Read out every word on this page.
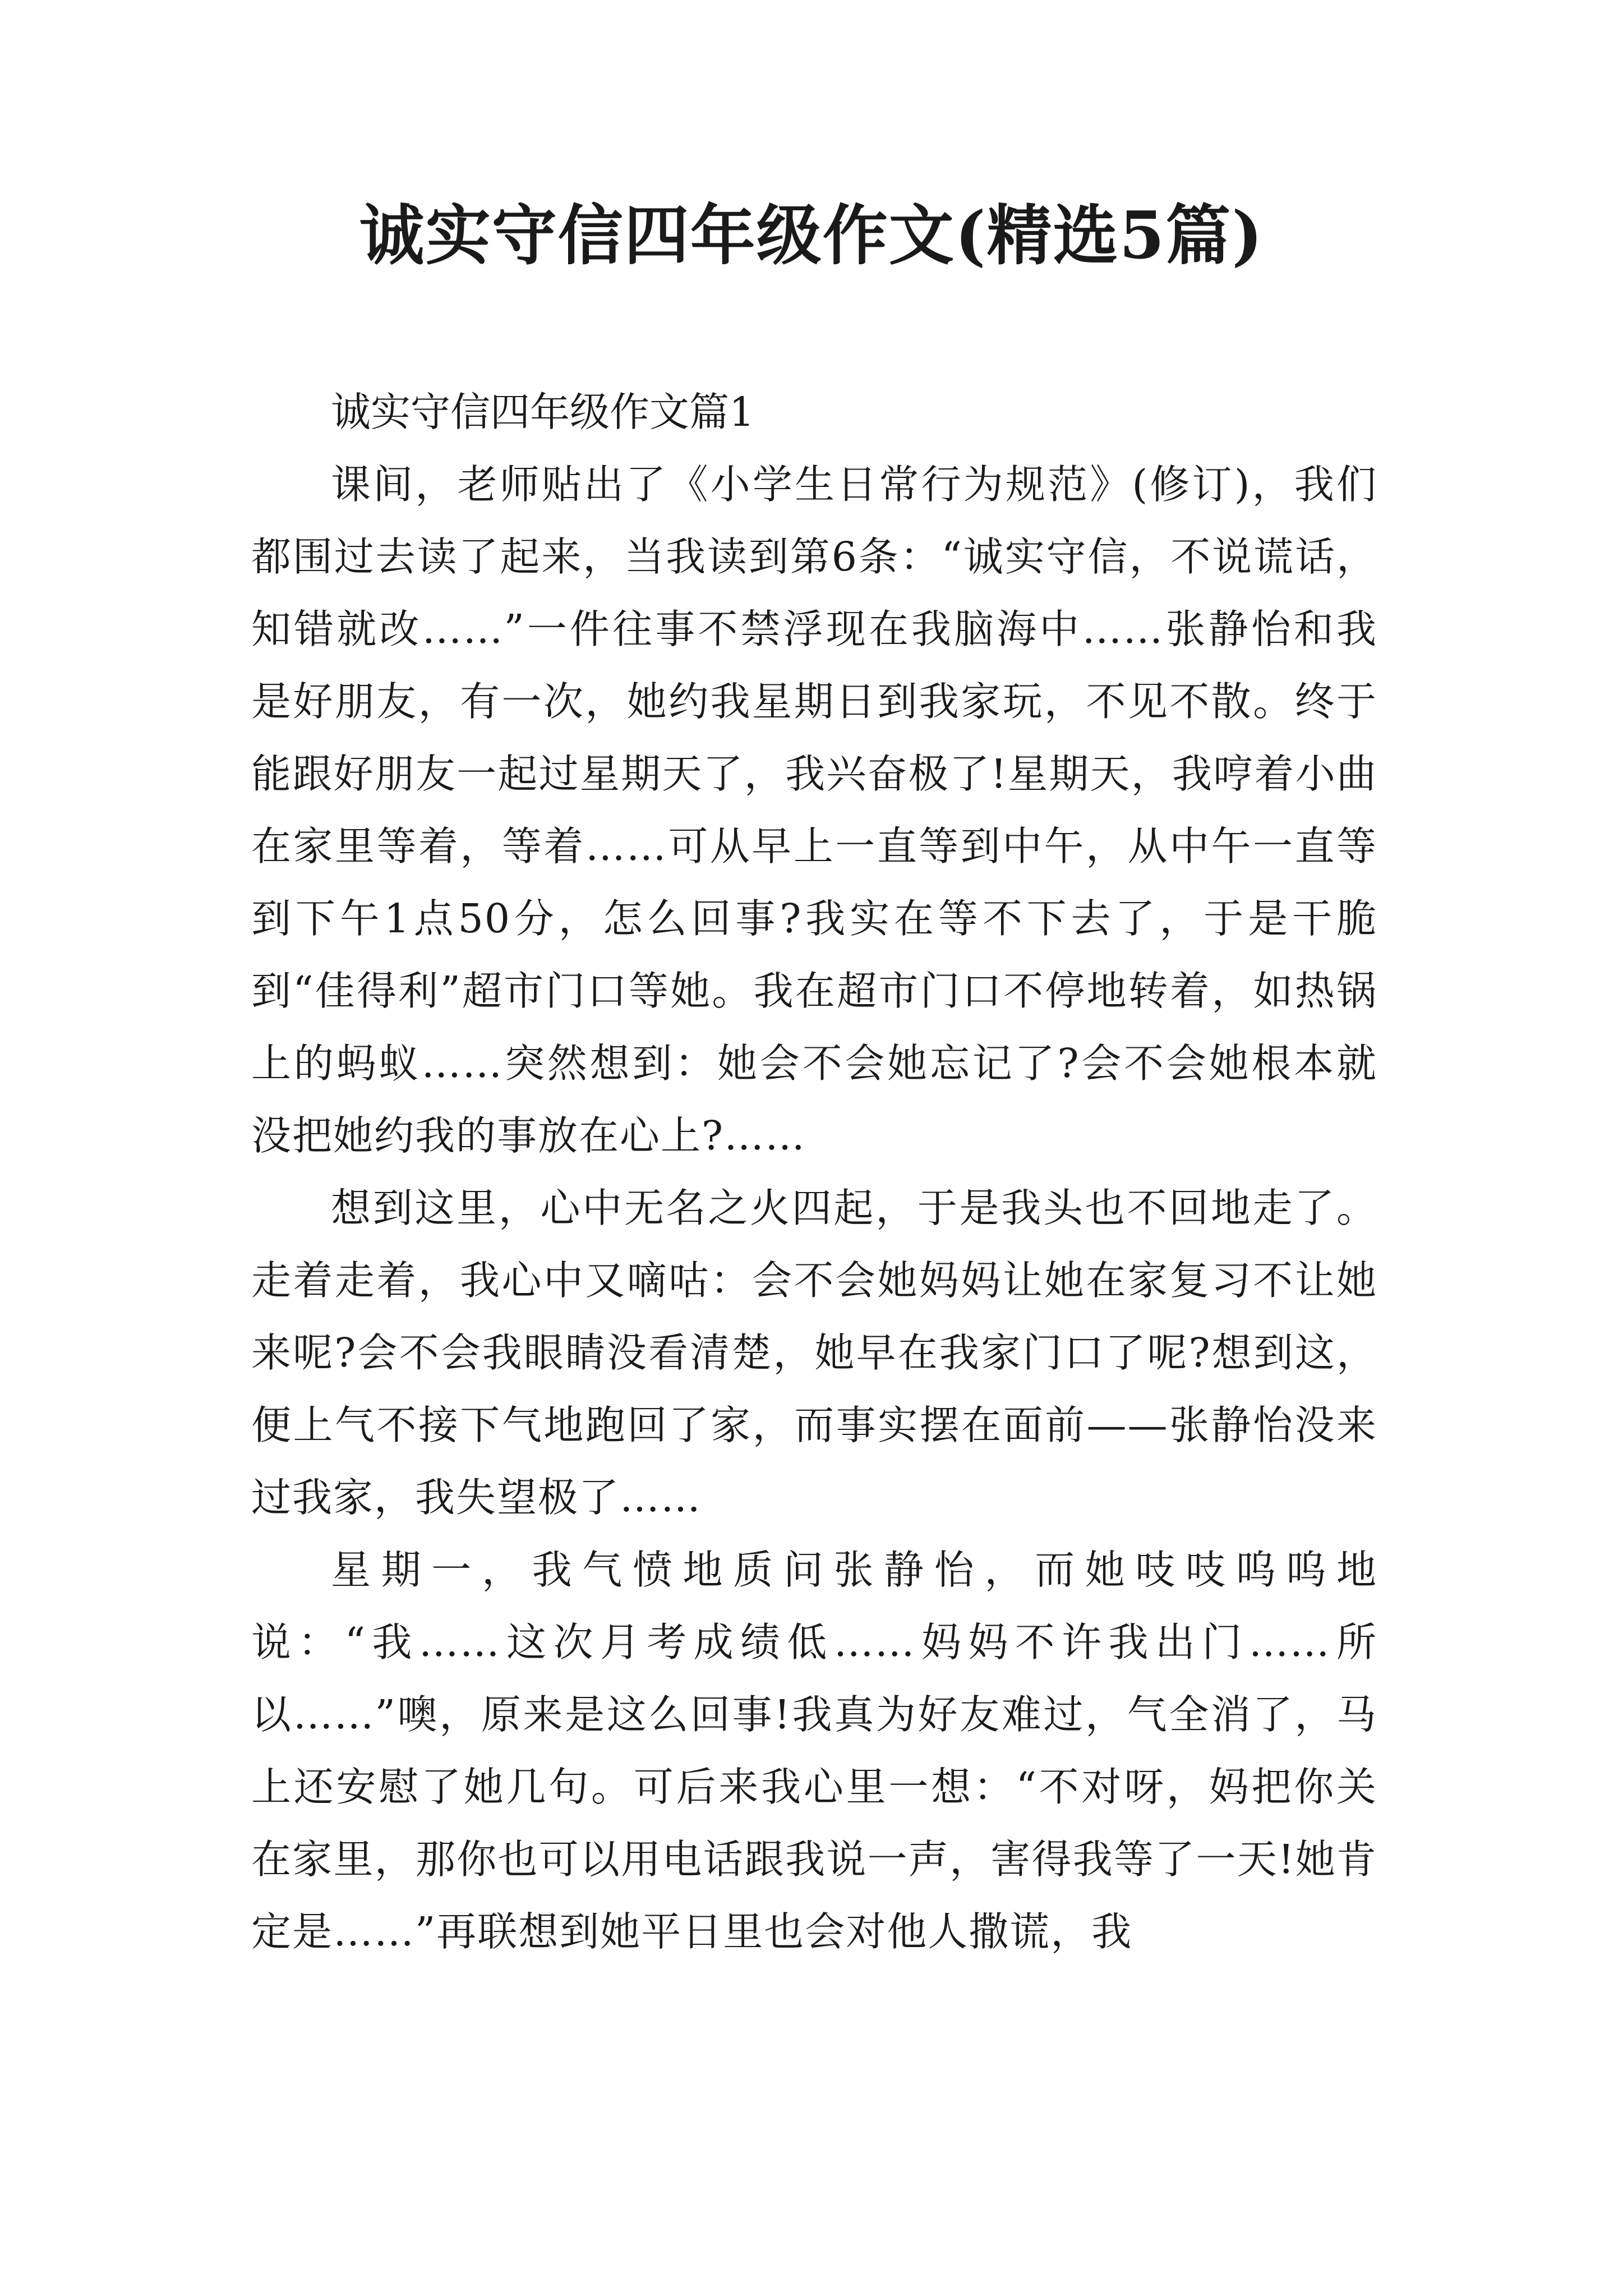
诚实守信四年级作文(精选5篇)
诚实守信四年级作文篇1

课间，老师贴出了《小学生日常行为规范》(修订)，我们都围过去读了起来，当我读到第6条：“诚实守信，不说谎话，知错就改……”一件往事不禁浮现在我脑海中……张静怡和我是好朋友，有一次，她约我星期日到我家玩，不见不散。终于能跟好朋友一起过星期天了，我兴奋极了!星期天，我哼着小曲在家里等着，等着……可从早上一直等到中午，从中午一直等到下午1点50分，怎么回事?我实在等不下去了，于是干脆到“佳得利”超市门口等她。我在超市门口不停地转着，如热锅上的蚂蚁……突然想到：她会不会她忘记了?会不会她根本就没把她约我的事放在心上?……

想到这里，心中无名之火四起，于是我头也不回地走了。走着走着，我心中又嘀咕：会不会她妈妈让她在家复习不让她来呢?会不会我眼睛没看清楚，她早在我家门口了呢?想到这，便上气不接下气地跑回了家，而事实摆在面前——张静怡没来过我家，我失望极了……

星期一，我气愤地质问张静怡，而她吱吱呜呜地说：“我……这次月考成绩低……妈妈不许我出门……所以……”噢，原来是这么回事!我真为好友难过，气全消了，马上还安慰了她几句。可后来我心里一想：“不对呀，妈把你关在家里，那你也可以用电话跟我说一声，害得我等了一天!她肯定是……”再联想到她平日里也会对他人撒谎，我
